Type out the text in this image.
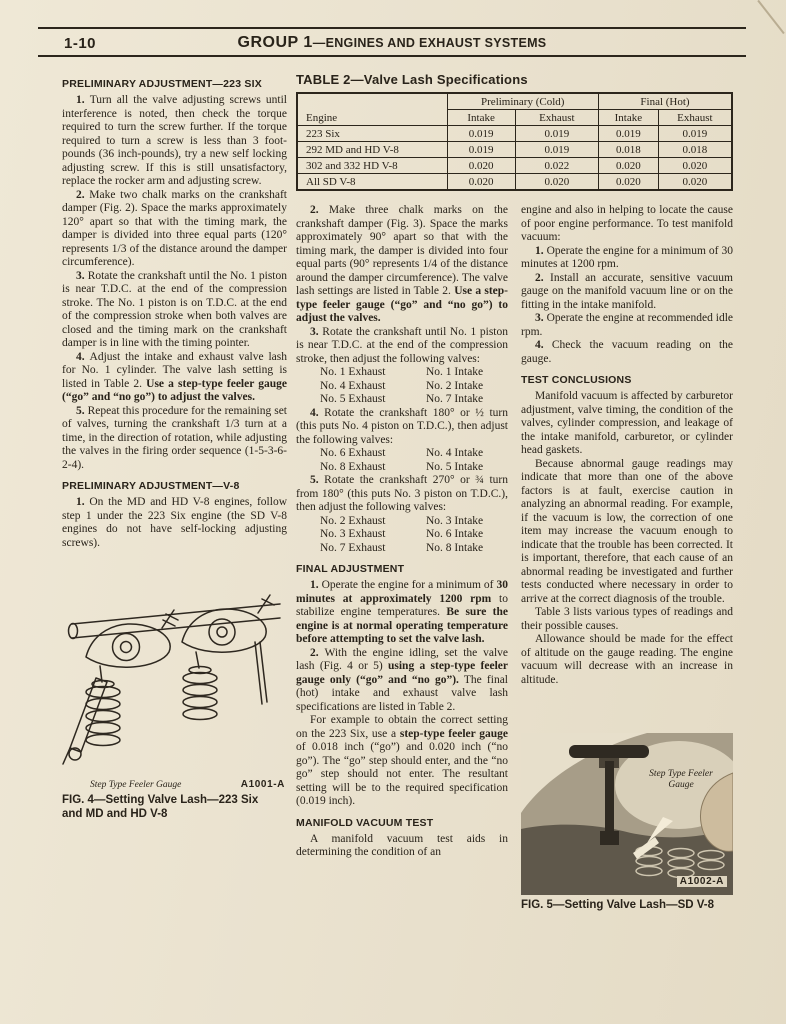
1-10	GROUP 1—ENGINES AND EXHAUST SYSTEMS
PRELIMINARY ADJUSTMENT—223 SIX

1. Turn all the valve adjusting screws until interference is noted, then check the torque required to turn the screw further. If the torque required to turn a screw is less than 3 foot-pounds (36 inch-pounds), try a new self locking adjusting screw. If this is still unsatisfactory, replace the rocker arm and adjusting screw.

2. Make two chalk marks on the crankshaft damper (Fig. 2). Space the marks approximately 120° apart so that with the timing mark, the damper is divided into three equal parts (120° represents 1/3 of the distance around the damper circumference).

3. Rotate the crankshaft until the No. 1 piston is near T.D.C. at the end of the compression stroke. The No. 1 piston is on T.D.C. at the end of the compression stroke when both valves are closed and the timing mark on the crankshaft damper is in line with the timing pointer.

4. Adjust the intake and exhaust valve lash for No. 1 cylinder. The valve lash setting is listed in Table 2. Use a step-type feeler gauge (“go” and “no go”) to adjust the valves.

5. Repeat this procedure for the remaining set of valves, turning the crankshaft 1/3 turn at a time, in the direction of rotation, while adjusting the valves in the firing order sequence (1-5-3-6-2-4).

PRELIMINARY ADJUSTMENT—V-8

1. On the MD and HD V-8 engines, follow step 1 under the 223 Six engine (the SD V-8 engines do not have self-locking adjusting screws).

Step Type Feeler Gauge	A1001-A
FIG. 4—Setting Valve Lash—223 Six and MD and HD V-8
TABLE 2—Valve Lash Specifications
Engine	Preliminary (Cold)		Final (Hot)	
	Intake	Exhaust	Intake	Exhaust
223 Six	0.019	0.019	0.019	0.019
292 MD and HD V-8	0.019	0.019	0.018	0.018
302 and 332 HD V-8	0.020	0.022	0.020	0.020
All SD V-8	0.020	0.020	0.020	0.020

2. Make three chalk marks on the crankshaft damper (Fig. 3). Space the marks approximately 90° apart so that with the timing mark, the damper is divided into four equal parts (90° represents 1/4 of the distance around the damper circumference). The valve lash settings are listed in Table 2. Use a step-type feeler gauge (“go” and “no go”) to adjust the valves.

3. Rotate the crankshaft until No. 1 piston is near T.D.C. at the end of the compression stroke, then adjust the following valves:

No. 1 Exhaust	No. 1 Intake
No. 4 Exhaust	No. 2 Intake
No. 5 Exhaust	No. 7 Intake

4. Rotate the crankshaft 180° or ½ turn (this puts No. 4 piston on T.D.C.), then adjust the following valves:

No. 6 Exhaust	No. 4 Intake
No. 8 Exhaust	No. 5 Intake

5. Rotate the crankshaft 270° or ¾ turn from 180° (this puts No. 3 piston on T.D.C.), then adjust the following valves:

No. 2 Exhaust	No. 3 Intake
No. 3 Exhaust	No. 6 Intake
No. 7 Exhaust	No. 8 Intake
FINAL ADJUSTMENT

1. Operate the engine for a minimum of 30 minutes at approximately 1200 rpm to stabilize engine temperatures. Be sure the engine is at normal operating temperature before attempting to set the valve lash.

2. With the engine idling, set the valve lash (Fig. 4 or 5) using a step-type feeler gauge only (“go” and “no go”). The final (hot) intake and exhaust valve lash specifications are listed in Table 2.

For example to obtain the correct setting on the 223 Six, use a step-type feeler gauge of 0.018 inch (“go”) and 0.020 inch (“no go”). The “go” step should enter, and the “no go” step should not enter. The resultant setting will be to the required specification (0.019 inch).

MANIFOLD VACUUM TEST

A manifold vacuum test aids in determining the condition of an

engine and also in helping to locate the cause of poor engine performance. To test manifold vacuum:

1. Operate the engine for a minimum of 30 minutes at 1200 rpm.

2. Install an accurate, sensitive vacuum gauge on the manifold vacuum line or on the fitting in the intake manifold.

3. Operate the engine at recommended idle rpm.

4. Check the vacuum reading on the gauge.

TEST CONCLUSIONS

Manifold vacuum is affected by carburetor adjustment, valve timing, the condition of the valves, cylinder compression, and leakage of the intake manifold, carburetor, or cylinder head gaskets.

Because abnormal gauge readings may indicate that more than one of the above factors is at fault, exercise caution in analyzing an abnormal reading. For example, if the vacuum is low, the correction of one item may increase the vacuum enough to indicate that the trouble has been corrected. It is important, therefore, that each cause of an abnormal reading be investigated and further tests conducted where necessary in order to arrive at the correct diagnosis of the trouble.

Table 3 lists various types of readings and their possible causes.

Allowance should be made for the effect of altitude on the gauge reading. The engine vacuum will decrease with an increase in altitude.

Step Type Feeler Gauge
A1002-A
FIG. 5—Setting Valve Lash—SD V-8
